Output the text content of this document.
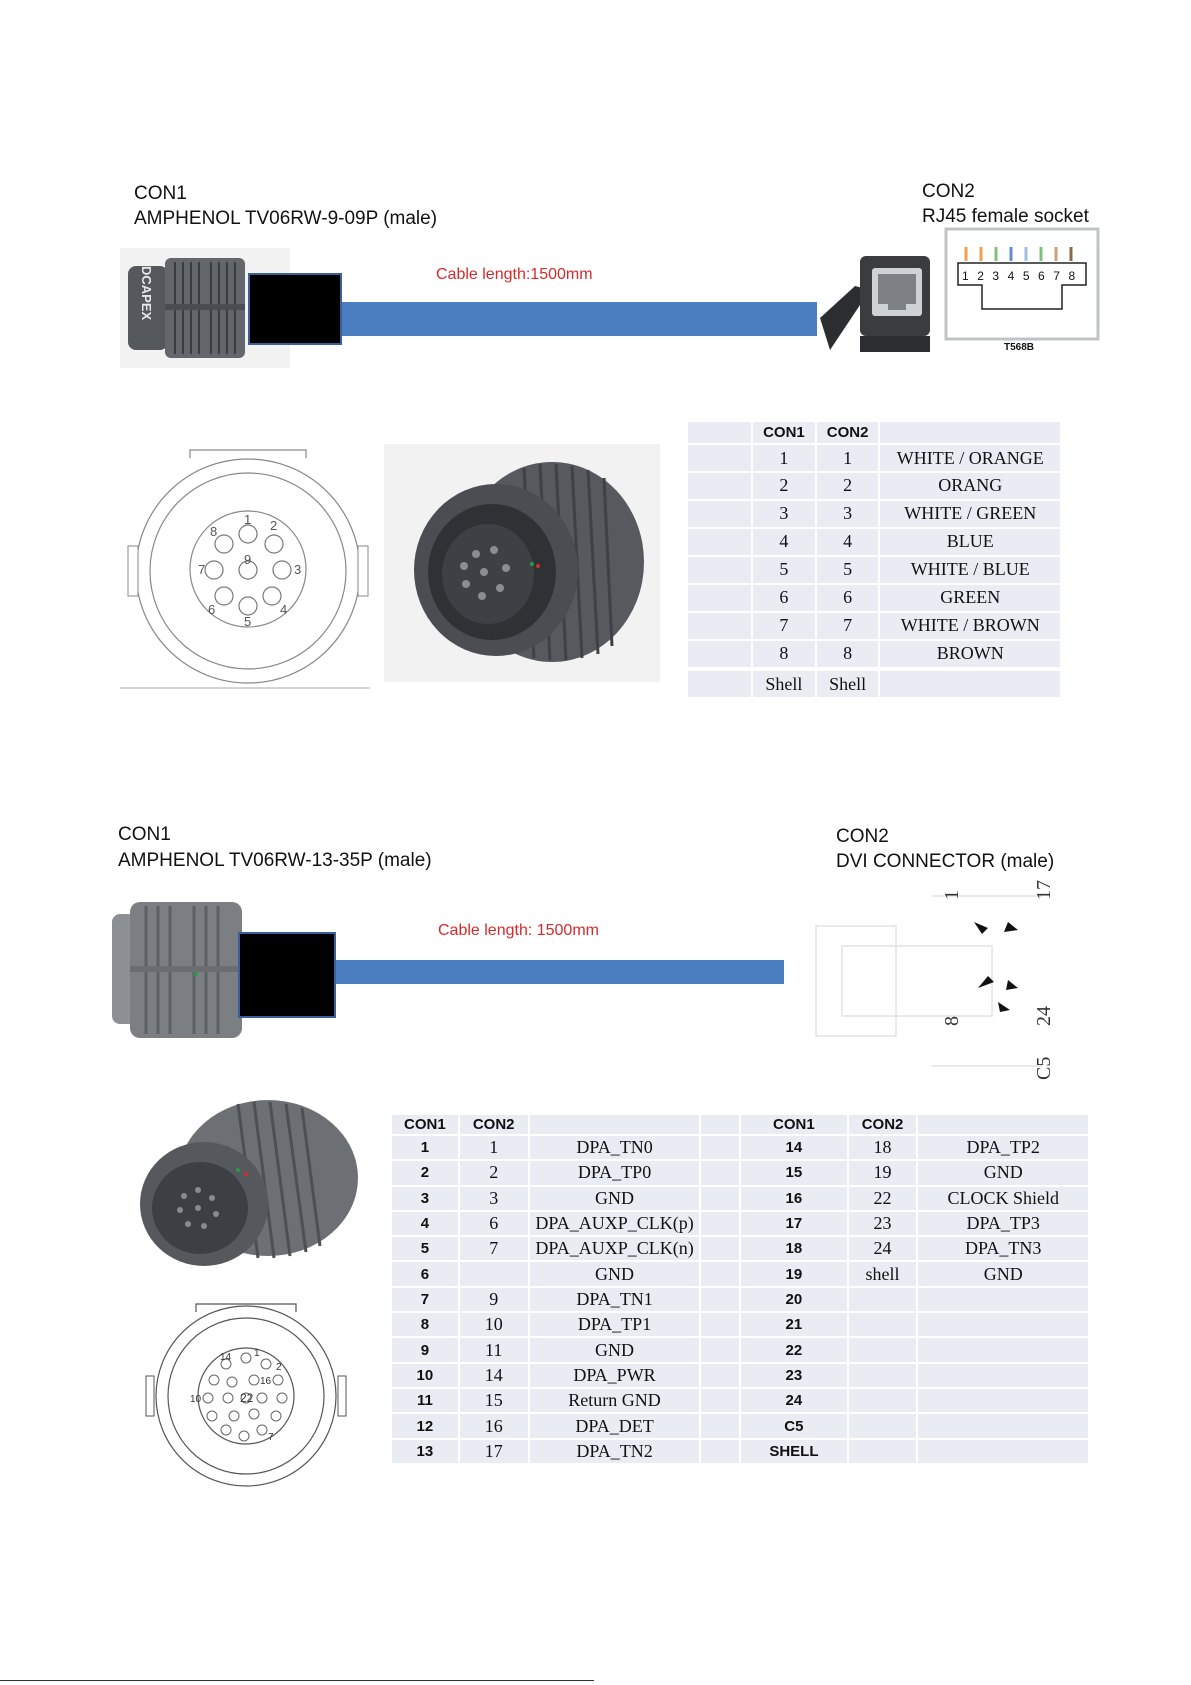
CON1
AMPHENOL TV06RW-9-09P (male)
CON2
RJ45 female socket
DCAPEX	Cable length:1500mm	1 2 3 4 5 6 7 8
T568B
1 2
3
4
5
6
7
8
9
	CON1	CON2	
	1	1	WHITE / ORANGE
	2	2	ORANG
	3	3	WHITE / GREEN
	4	4	BLUE
	5	5	WHITE / BLUE
	6	6	GREEN
	7	7	WHITE / BROWN
	8	8	BROWN

	Shell	Shell	
CON1
AMPHENOL TV06RW-13-35P (male)
CON2
DVI CONNECTOR (male)
Cable length: 1500mm
1	17
8	24
C5
14 1
2
22
10
16
7
CON1	CON2			CON1	CON2	
1	1	DPA_TN0		14	18	DPA_TP2
2	2	DPA_TP0		15	19	GND
3	3	GND		16	22	CLOCK Shield
4	6	DPA_AUXP_CLK(p)		17	23	DPA_TP3
5	7	DPA_AUXP_CLK(n)		18	24	DPA_TN3
6		GND		19	shell	GND
7	9	DPA_TN1		20		
8	10	DPA_TP1		21		
9	11	GND		22		
10	14	DPA_PWR		23		
11	15	Return GND		24		
12	16	DPA_DET		C5		
13	17	DPA_TN2		SHELL		
